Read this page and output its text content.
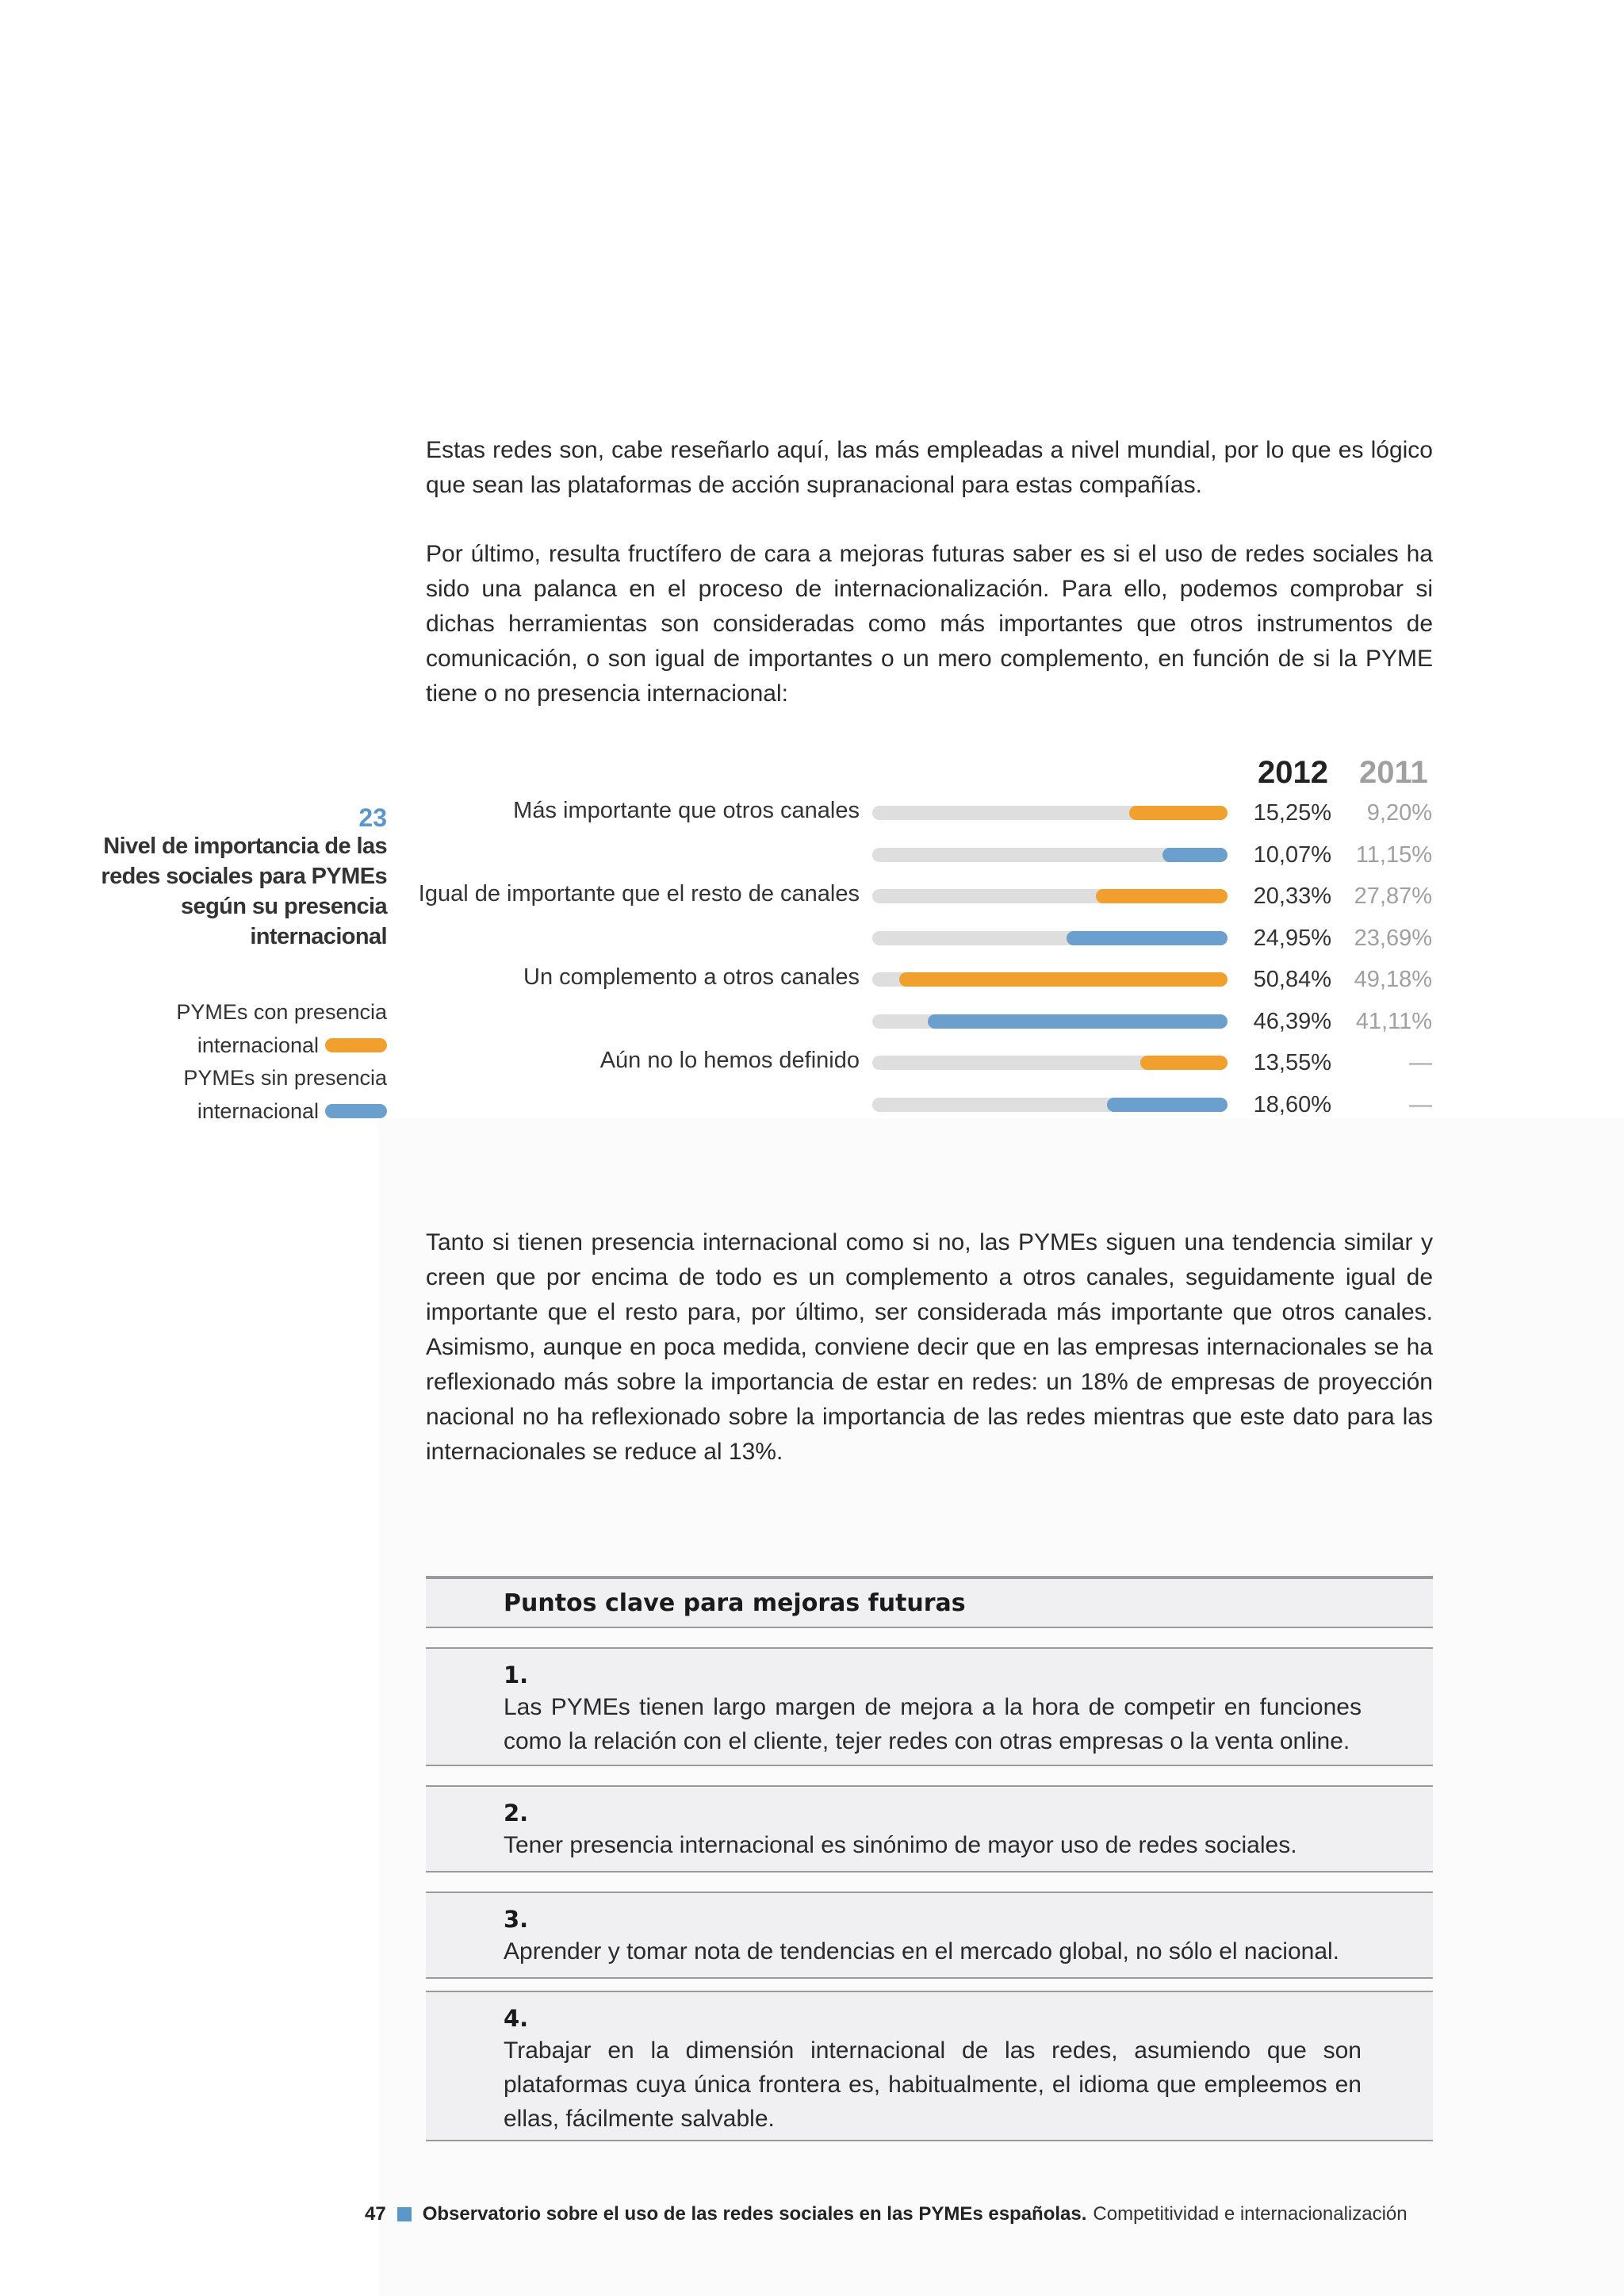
Estas redes son, cabe reseñarlo aquí, las más empleadas a nivel mundial, por lo que es lógico que sean las plataformas de acción supranacional para estas compañías.

Por último, resulta fructífero de cara a mejoras futuras saber es si el uso de redes sociales ha sido una palanca en el proceso de internacionalización. Para ello, podemos comprobar si dichas herramientas son consideradas como más importantes que otros instrumentos de comunicación, o son igual de importantes o un mero complemento, en función de si la PYME tiene o no presencia internacional:

23
Nivel de importancia de las redes sociales para PYMEs según su presencia internacional
PYMEs con presencia
internacional
PYMEs sin presencia
internacional
2012 2011
Más importante que otros canales	15,25%	9,20%
10,07%	11,15%
Igual de importante que el resto de canales	20,33% 27,87%
24,95% 23,69%
Un complemento a otros canales	50,84% 49,18%
46,39%	41,11%
Aún no lo hemos definido	13,55%	—
18,60%	—

Tanto si tienen presencia internacional como si no, las PYMEs siguen una tendencia similar y creen que por encima de todo es un complemento a otros canales, seguidamente igual de importante que el resto para, por último, ser considerada más importante que otros canales. Asimismo, aunque en poca medida, conviene decir que en las empresas internacionales se ha reflexionado más sobre la importancia de estar en redes: un 18% de empresas de proyección nacional no ha reflexionado sobre la importancia de las redes mientras que este dato para las internacionales se reduce al 13%.

Puntos clave para mejoras futuras
1.
Las PYMEs tienen largo margen de mejora a la hora de competir en funciones como la relación con el cliente, tejer redes con otras empresas o la venta online.
2.
Tener presencia internacional es sinónimo de mayor uso de redes sociales.
3.
Aprender y tomar nota de tendencias en el mercado global, no sólo el nacional.
4.
Trabajar en la dimensión internacional de las redes, asumiendo que son plataformas cuya única frontera es, habitualmente, el idioma que empleemos en ellas, fácilmente salvable.
47 Observatorio sobre el uso de las redes sociales en las PYMEs españolas. Competitividad e internacionalización
